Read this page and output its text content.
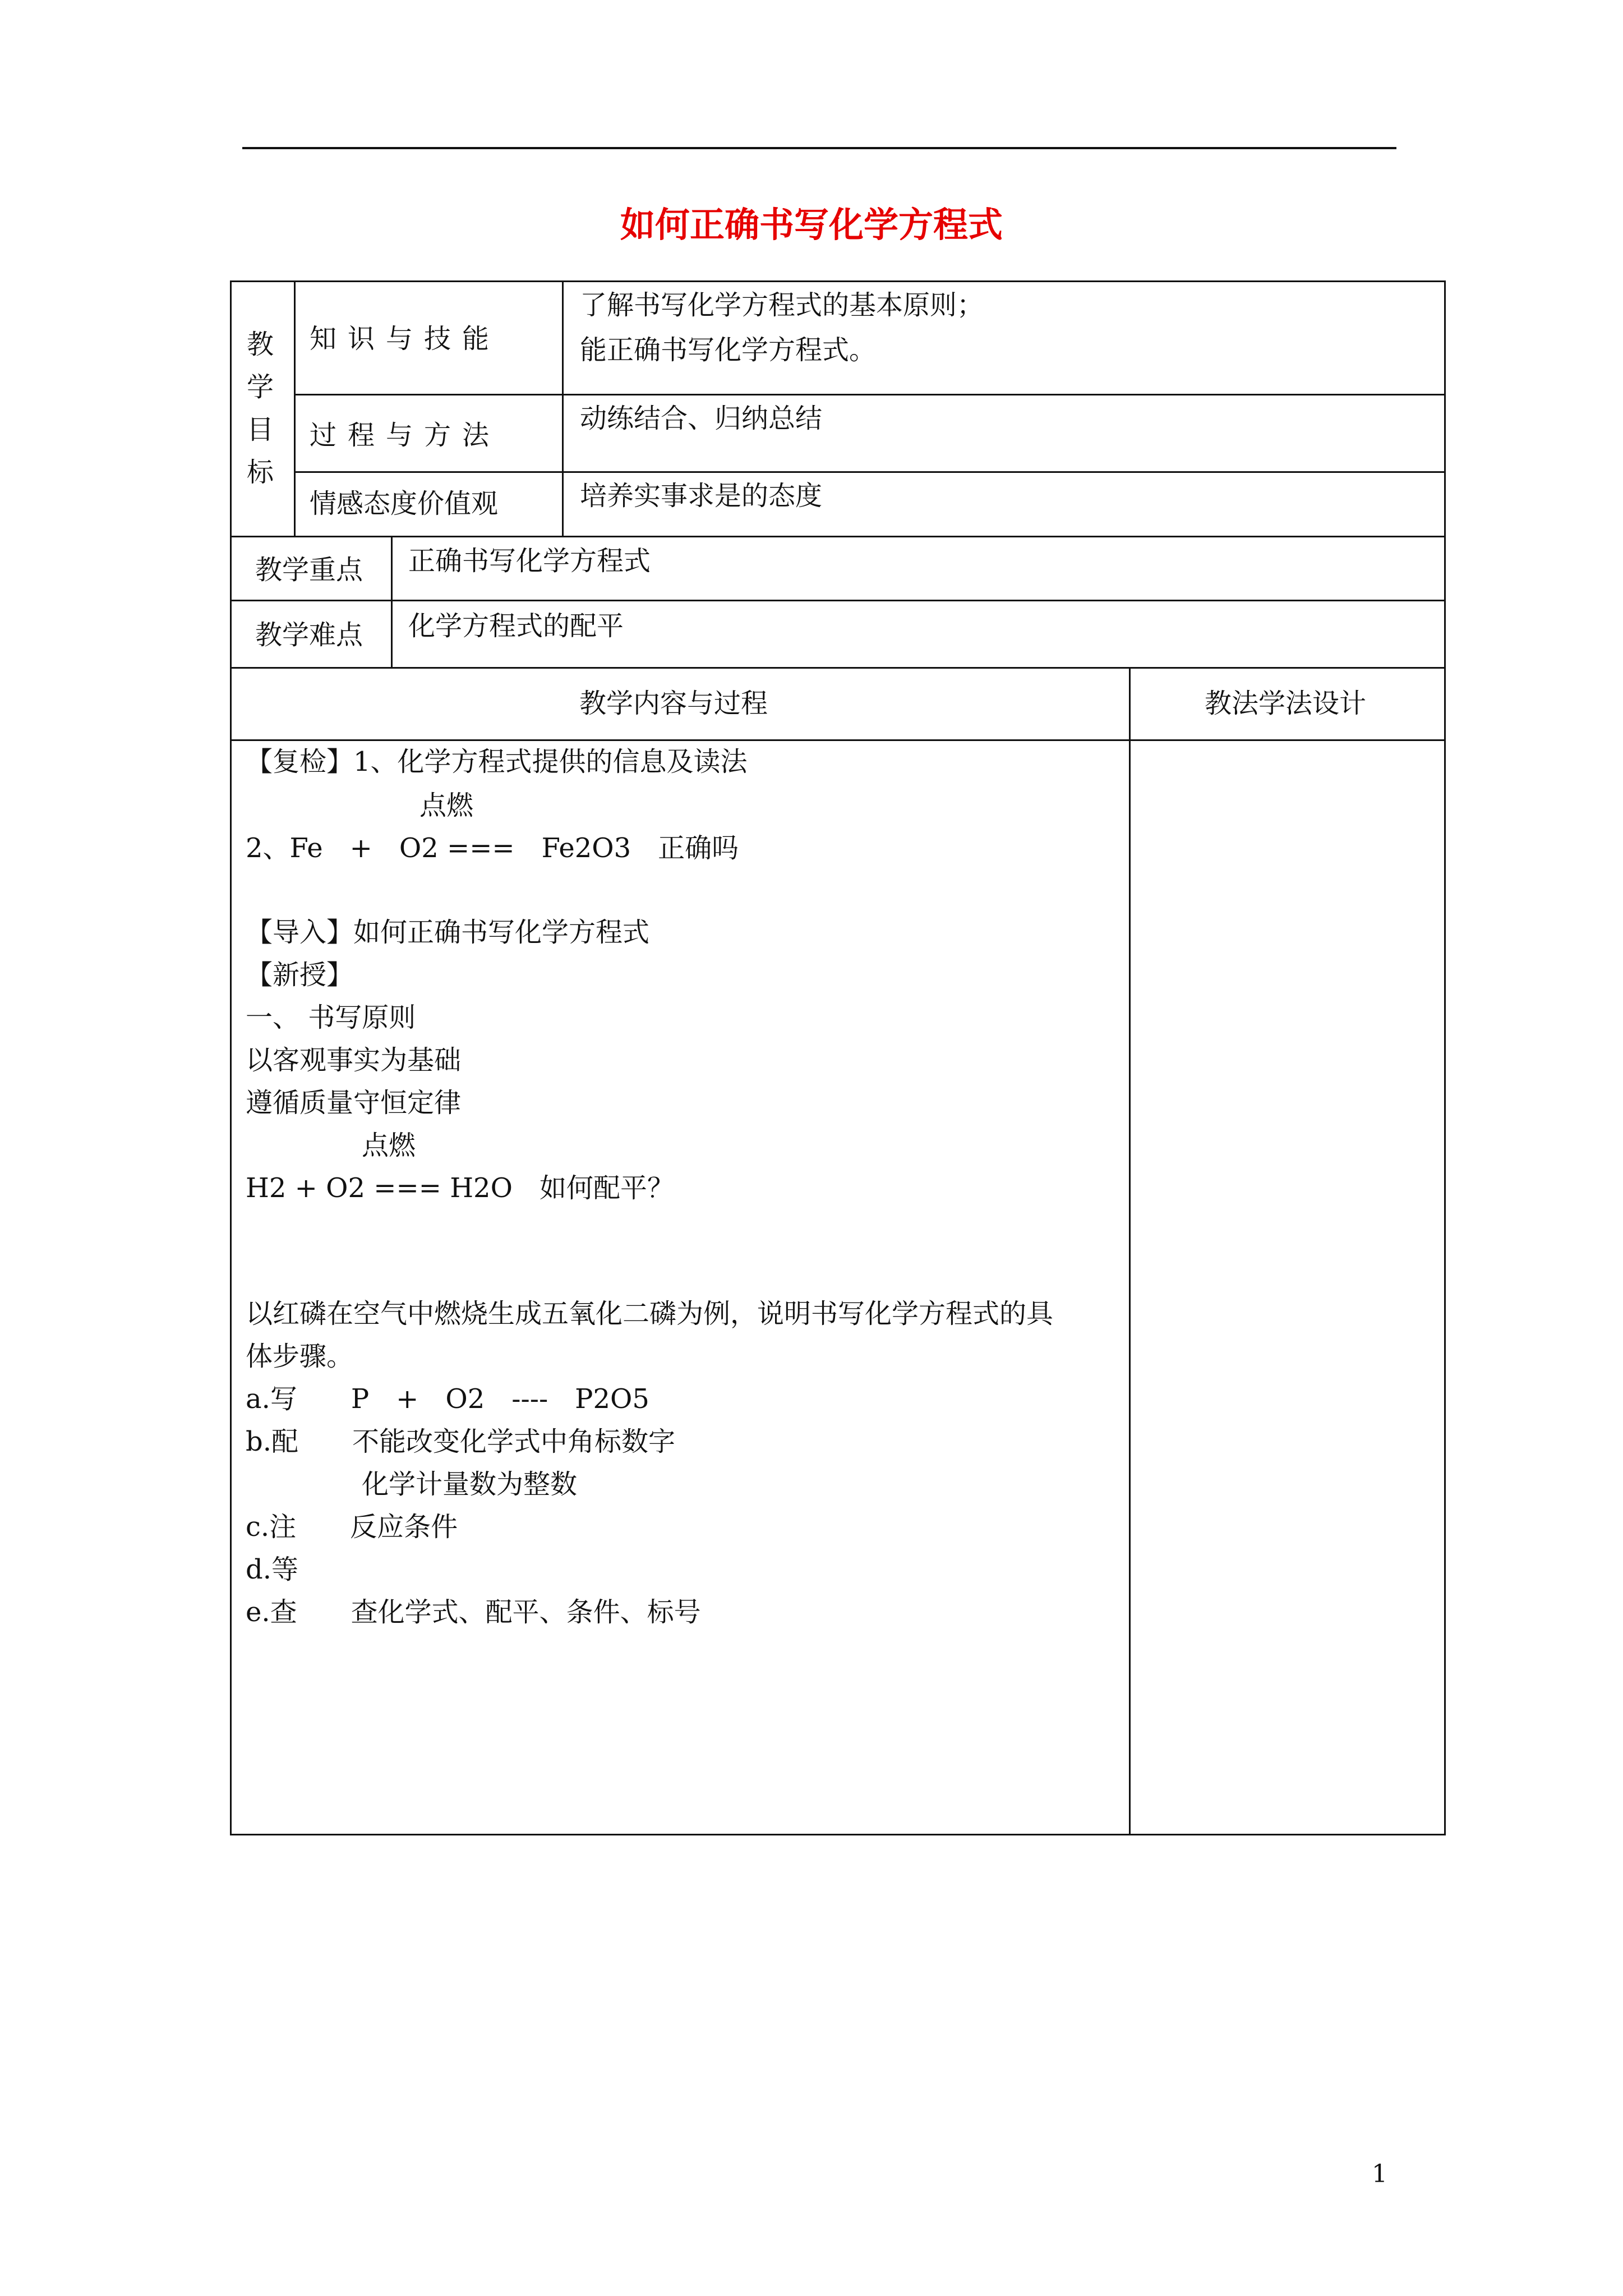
如何正确书写化学方程式
教
学
目
标
知识与技能
了解书写化学方程式的基本原则；
能正确书写化学方程式。
过程与方法
动练结合、归纳总结
情感态度价值观	培养实事求是的态度
教学重点 正确书写化学方程式
教学难点 化学方程式的配平
教学内容与过程	教法学法设计
【复检】1、化学方程式提供的信息及读法
点燃
2、Fe　+　O2 ===　Fe2O3　正确吗
【导入】如何正确书写化学方程式
【新授】
一、 书写原则
以客观事实为基础
遵循质量守恒定律
点燃
H2 + O2 === H2O　如何配平？
以红磷在空气中燃烧生成五氧化二磷为例，说明书写化学方程式的具
体步骤。
a.写　　P　+　O2　----　P2O5
b.配　　不能改变化学式中角标数字
化学计量数为整数
c.注　　反应条件
d.等
e.查　　查化学式、配平、条件、标号
1
